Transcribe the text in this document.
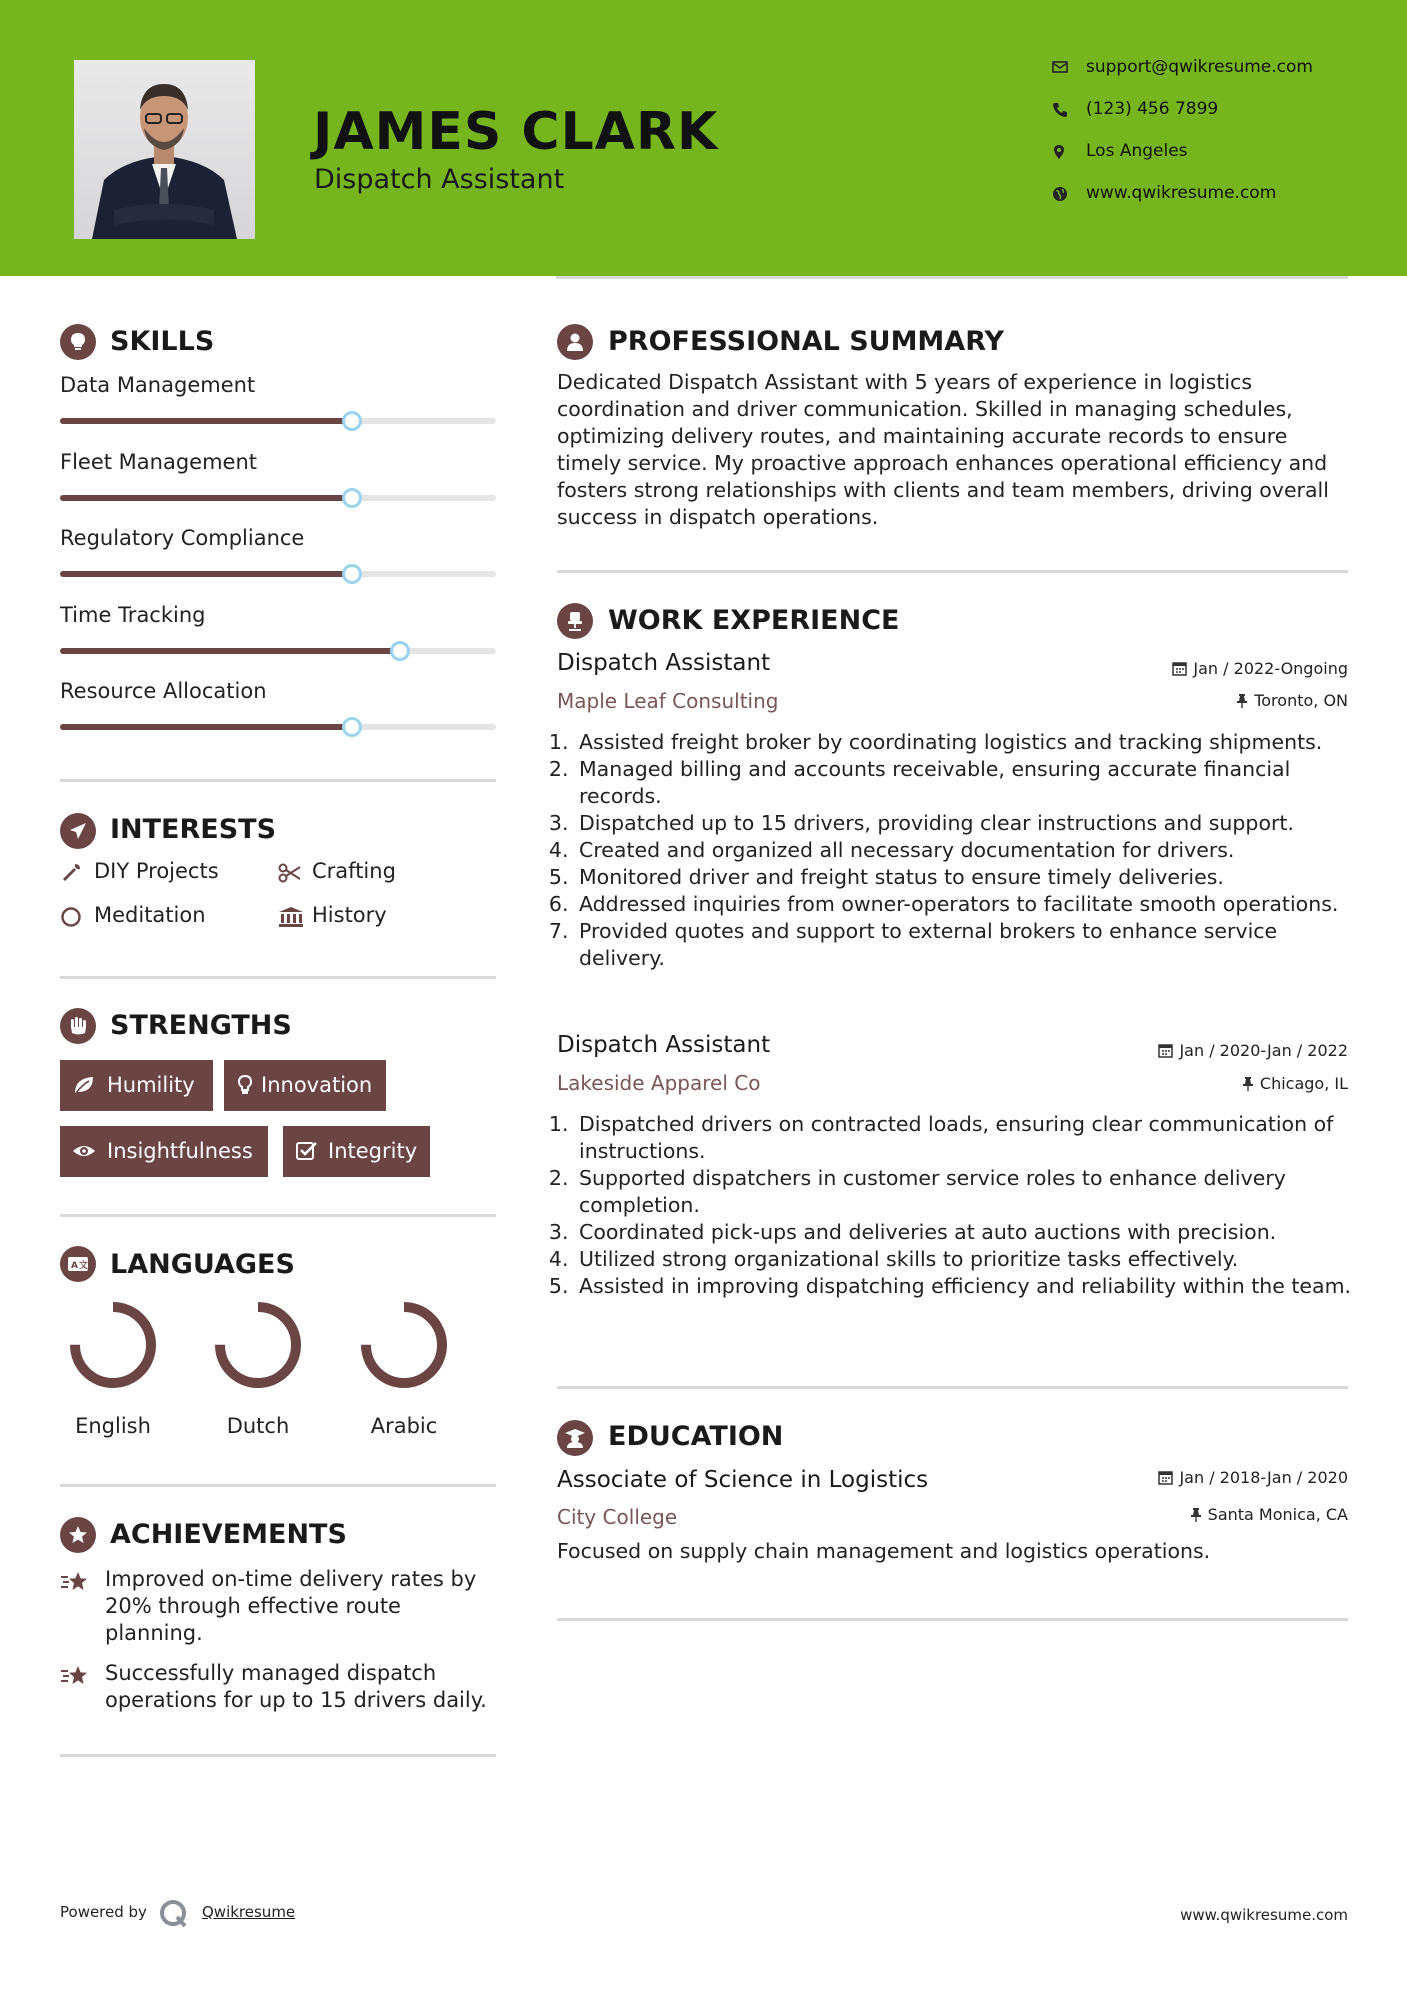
JAMES CLARK
Dispatch Assistant
support@qwikresume.com
(123) 456 7899
Los Angeles
www.qwikresume.com
SKILLS
Data Management
Fleet Management
Regulatory Compliance
Time Tracking
Resource Allocation
INTERESTS
DIY Projects	Crafting
Meditation	History
STRENGTHS
Humility	Innovation
Insightfulness	Integrity
A 文 LANGUAGES
English	Dutch	Arabic
ACHIEVEMENTS

Improved on-time delivery rates by 20% through effective route planning.

Successfully managed dispatch operations for up to 15 drivers daily.

PROFESSIONAL SUMMARY

Dedicated Dispatch Assistant with 5 years of experience in logistics coordination and driver communication. Skilled in managing schedules, optimizing delivery routes, and maintaining accurate records to ensure timely service. My proactive approach enhances operational efficiency and fosters strong relationships with clients and team members, driving overall success in dispatch operations.

WORK EXPERIENCE
Dispatch Assistant	Jan / 2022-Ongoing
Maple Leaf Consulting	Toronto, ON
1. Assisted freight broker by coordinating logistics and tracking shipments.
2. Managed billing and accounts receivable, ensuring accurate financial records.
3. Dispatched up to 15 drivers, providing clear instructions and support.
4. Created and organized all necessary documentation for drivers.
5. Monitored driver and freight status to ensure timely deliveries.
6. Addressed inquiries from owner-operators to facilitate smooth operations.
7. Provided quotes and support to external brokers to enhance service delivery.
Dispatch Assistant	Jan / 2020-Jan / 2022
Lakeside Apparel Co	Chicago, IL
1. Dispatched drivers on contracted loads, ensuring clear communication of instructions.
2. Supported dispatchers in customer service roles to enhance delivery completion.
3. Coordinated pick-ups and deliveries at auto auctions with precision.
4. Utilized strong organizational skills to prioritize tasks effectively.
5. Assisted in improving dispatching efficiency and reliability within the team.
EDUCATION
Associate of Science in Logistics	Jan / 2018-Jan / 2020
City College	Santa Monica, CA
Focused on supply chain management and logistics operations.
Powered by	Qwikresume	www.qwikresume.com
